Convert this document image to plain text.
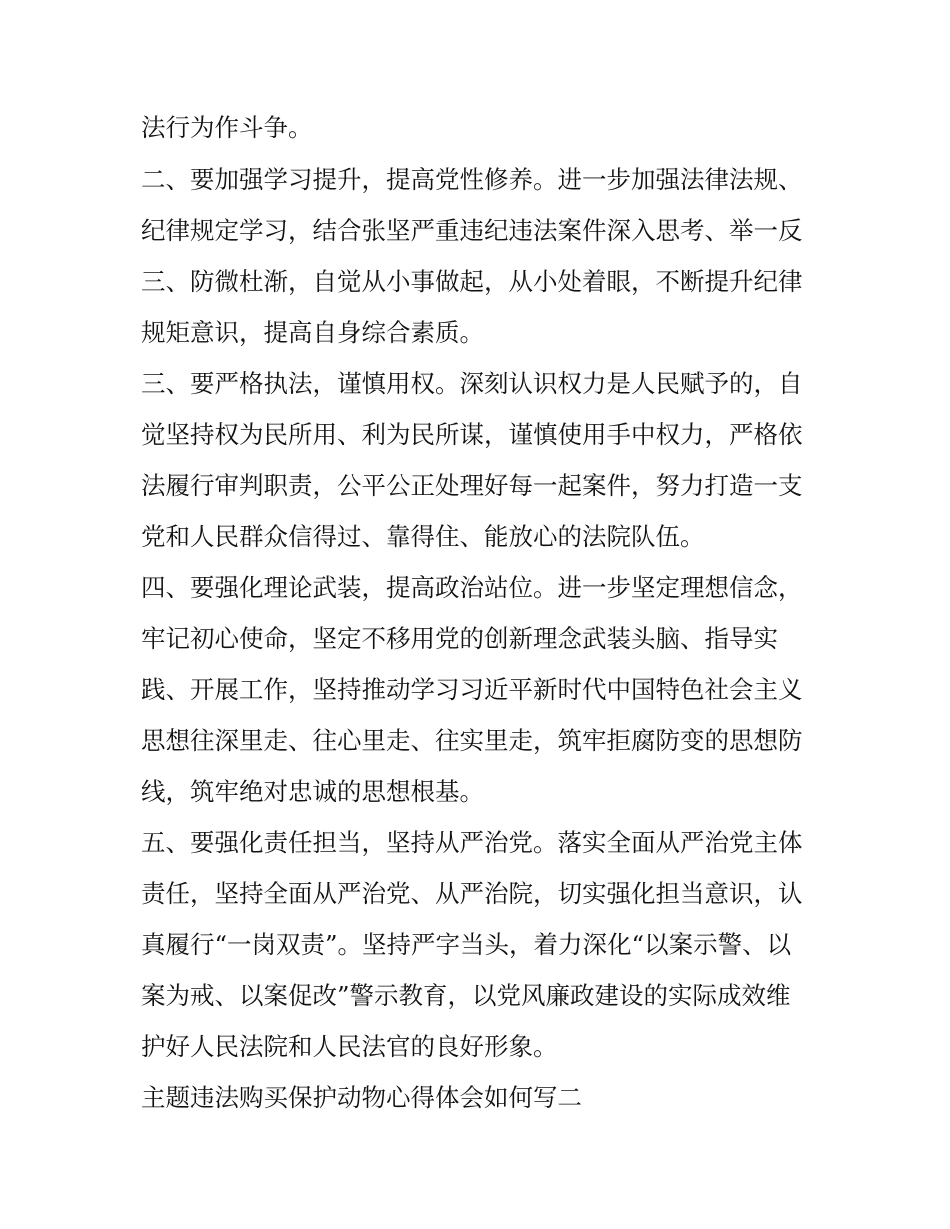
法行为作斗争。
二、要加强学习提升，提高党性修养。进一步加强法律法规、
纪律规定学习，结合张坚严重违纪违法案件深入思考、举一反
三、防微杜渐，自觉从小事做起，从小处着眼，不断提升纪律
规矩意识，提高自身综合素质。
三、要严格执法，谨慎用权。深刻认识权力是人民赋予的，自
觉坚持权为民所用、利为民所谋，谨慎使用手中权力，严格依
法履行审判职责，公平公正处理好每一起案件，努力打造一支
党和人民群众信得过、靠得住、能放心的法院队伍。
四、要强化理论武装，提高政治站位。进一步坚定理想信念，
牢记初心使命，坚定不移用党的创新理念武装头脑、指导实
践、开展工作，坚持推动学习习近平新时代中国特色社会主义
思想往深里走、往心里走、往实里走，筑牢拒腐防变的思想防
线，筑牢绝对忠诚的思想根基。
五、要强化责任担当，坚持从严治党。落实全面从严治党主体
责任，坚持全面从严治党、从严治院，切实强化担当意识，认
真履行“一岗双责”。坚持严字当头，着力深化“以案示警、以
案为戒、以案促改”警示教育，以党风廉政建设的实际成效维
护好人民法院和人民法官的良好形象。
主题违法购买保护动物心得体会如何写二
